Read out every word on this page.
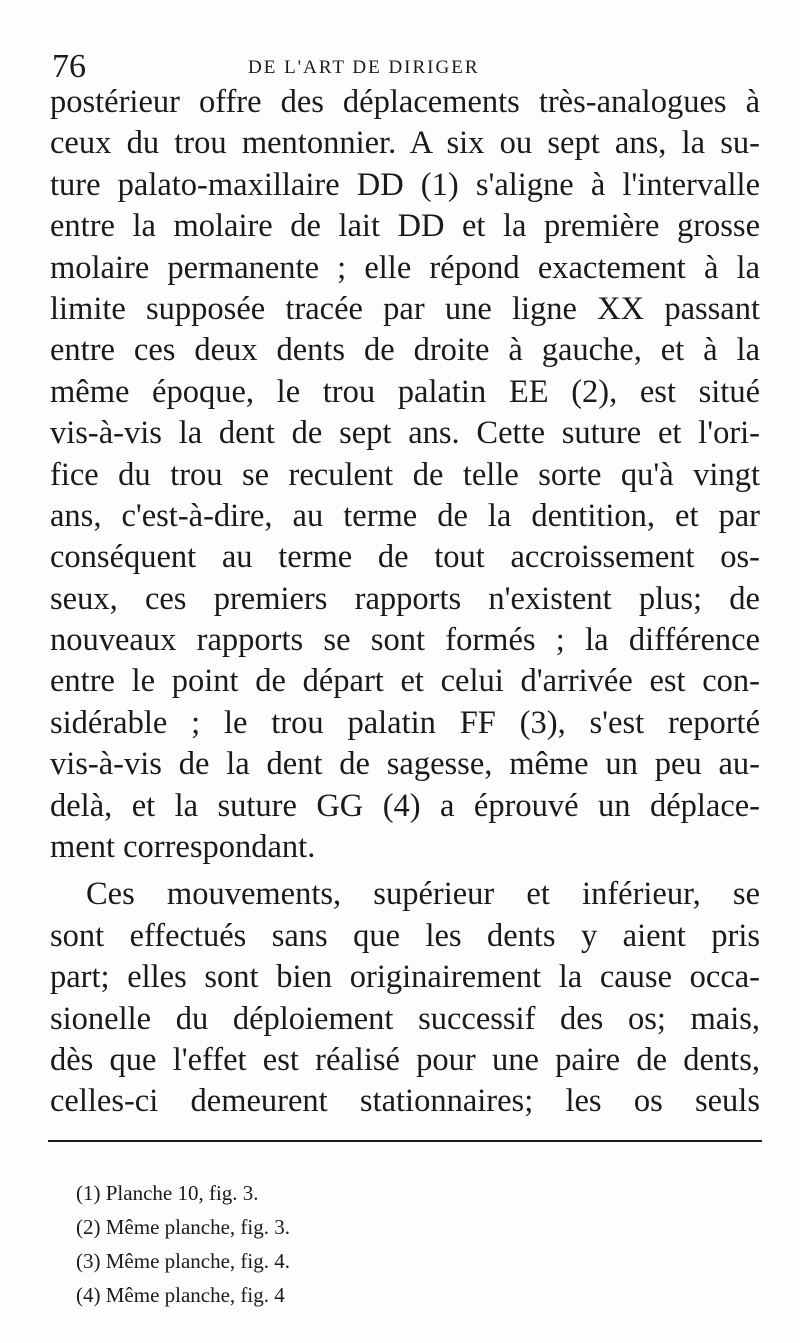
76	DE L'ART DE DIRIGER
postérieur offre des déplacements très-analogues à
ceux du trou mentonnier. A six ou sept ans, la su-
ture palato-maxillaire DD (1) s'aligne à l'intervalle
entre la molaire de lait DD et la première grosse
molaire permanente ; elle répond exactement à la
limite supposée tracée par une ligne XX passant
entre ces deux dents de droite à gauche, et à la
même époque, le trou palatin EE (2), est situé
vis-à-vis la dent de sept ans. Cette suture et l'ori-
fice du trou se reculent de telle sorte qu'à vingt
ans, c'est-à-dire, au terme de la dentition, et par
conséquent au terme de tout accroissement os-
seux, ces premiers rapports n'existent plus; de
nouveaux rapports se sont formés ; la différence
entre le point de départ et celui d'arrivée est con-
sidérable ; le trou palatin FF (3), s'est reporté
vis-à-vis de la dent de sagesse, même un peu au-
delà, et la suture GG (4) a éprouvé un déplace-
ment correspondant.
Ces mouvements, supérieur et inférieur, se
sont effectués sans que les dents y aient pris
part; elles sont bien originairement la cause occa-
sionelle du déploiement successif des os; mais,
dès que l'effet est réalisé pour une paire de dents,
celles-ci demeurent stationnaires; les os seuls
(1) Planche 10, fig. 3.
(2) Même planche, fig. 3.
(3) Même planche, fig. 4.
(4) Même planche, fig. 4
